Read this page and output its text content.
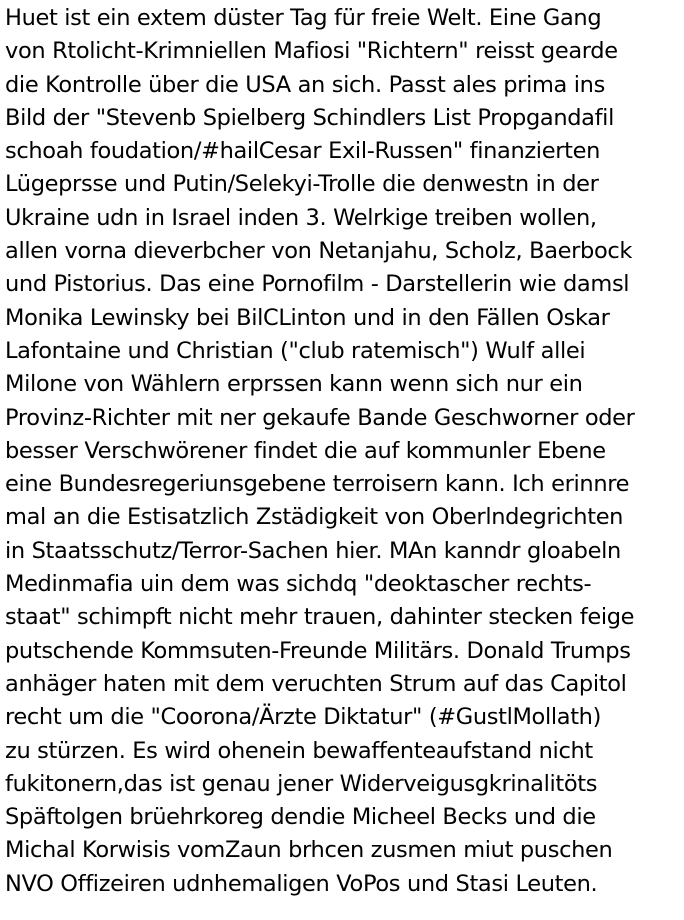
Huet ist ein extem düster Tag für freie Welt. Eine Gang
von Rtolicht-Krimniellen Mafiosi "Richtern" reisst gearde
die Kontrolle über die USA an sich. Passt ales prima ins
Bild der "Stevenb Spielberg Schindlers List Propgandafil
schoah foudation/#hailCesar Exil-Russen" finanzierten
Lügeprsse und Putin/Selekyi-Trolle die denwestn in der
Ukraine udn in Israel inden 3. Welrkige treiben wollen,
allen vorna dieverbcher von Netanjahu, Scholz, Baerbock
und Pistorius. Das eine Pornofilm - Darstellerin wie damsl
Monika Lewinsky bei BilCLinton und in den Fällen Oskar
Lafontaine und Christian ("club ratemisch") Wulf allei
Milone von Wählern erprssen kann wenn sich nur ein
Provinz-Richter mit ner gekaufe Bande Geschworner oder
besser Verschwörener findet die auf kommunler Ebene
eine Bundesregeriunsgebene terroisern kann. Ich erinnre
mal an die Estisatzlich Zstädigkeit von Oberlndegrichten
in Staatsschutz/Terror-Sachen hier. MAn kanndr gloabeln
Medinmafia uin dem was sichdq "deoktascher rechts-
staat" schimpft nicht mehr trauen, dahinter stecken feige
putschende Kommsuten-Freunde Militärs. Donald Trumps
anhäger haten mit dem veruchten Strum auf das Capitol
recht um die "Coorona/Ärzte Diktatur" (#GustlMollath)
zu stürzen. Es wird ohenein bewaffenteaufstand nicht
fukitonern,das ist genau jener Widerveigusgkrinalitöts
Späftolgen brüehrkoreg dendie Micheel Becks und die
Michal Korwisis vomZaun brhcen zusmen miut puschen
NVO Offizeiren udnhemaligen VoPos und Stasi Leuten.
